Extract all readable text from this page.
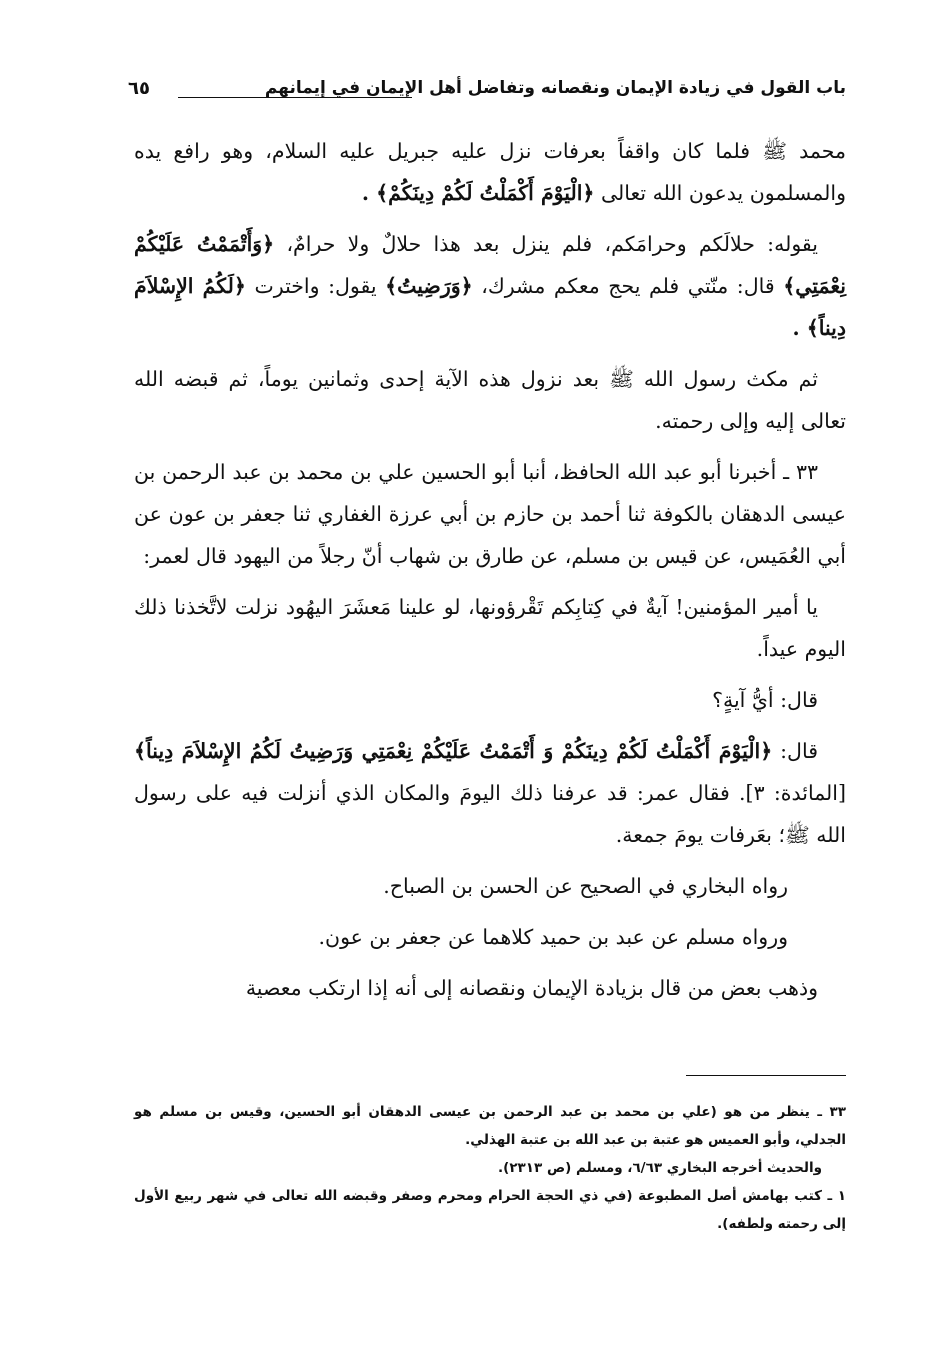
باب القول في زيادة الإيمان ونقصانه وتفاضل أهل الإيمان في إيمانهم
٦٥

محمد ﷺ فلما كان واقفاً بعرفات نزل عليه جبريل عليه السلام، وهو رافع يده والمسلمون يدعون الله تعالى ﴿الْيَوْمَ أَكْمَلْتُ لَكُمْ دِينَكُمْ﴾ .

يقوله: حلالَكم وحرامَكم، فلم ينزل بعد هذا حلالٌ ولا حرامٌ، ﴿وَأَتْمَمْتُ عَلَيْكُمْ نِعْمَتِي﴾ قال: منّتي فلم يحج معكم مشرك، ﴿وَرَضِيتُ﴾ يقول: واخترت ﴿لَكُمُ الإِسْلاَمَ دِيناً﴾ .

ثم مكث رسول الله ﷺ بعد نزول هذه الآية إحدى وثمانين يوماً، ثم قبضه الله تعالى إليه وإلى رحمته.

٣٣ ـ أخبرنا أبو عبد الله الحافظ، أنبا أبو الحسين علي بن محمد بن عبد الرحمن بن عيسى الدهقان بالكوفة ثنا أحمد بن حازم بن أبي عرزة الغفاري ثنا جعفر بن عون عن أبي العُمَيس، عن قيس بن مسلم، عن طارق بن شهاب أنّ رجلاً من اليهود قال لعمر:

يا أمير المؤمنين! آيةٌ في كِتابِكم تَقْرؤونها، لو علينا مَعشَرَ اليهُود نزلت لاتَّخذنا ذلك اليوم عيداً.

قال: أيُّ آيةٍ؟

قال: ﴿الْيَوْمَ أَكْمَلْتُ لَكُمْ دِينَكُمْ وَ أَتْمَمْتُ عَلَيْكُمْ نِعْمَتِي وَرَضِيتُ لَكُمُ الإِسْلاَمَ دِيناً﴾ [المائدة: ٣]. فقال عمر: قد عرفنا ذلك اليومَ والمكان الذي أنزلت فيه على رسول الله ﷺ؛ بعَرفات يومَ جمعة.

رواه البخاري في الصحيح عن الحسن بن الصباح.

ورواه مسلم عن عبد بن حميد كلاهما عن جعفر بن عون.

وذهب بعض من قال بزيادة الإيمان ونقصانه إلى أنه إذا ارتكب معصية

٣٣ ـ ينظر من هو (علي بن محمد بن عبد الرحمن بن عيسى الدهقان أبو الحسين، وقيس بن مسلم هو الجدلي، وأبو العميس هو عتبة بن عبد الله بن عتبة الهذلي.

والحديث أخرجه البخاري ٦/٦٣، ومسلم (ص ٢٣١٣).

١ ـ كتب بهامش أصل المطبوعة (في ذي الحجة الحرام ومحرم وصفر وقبضه الله تعالى في شهر ربيع الأول إلى رحمته ولطفه).
